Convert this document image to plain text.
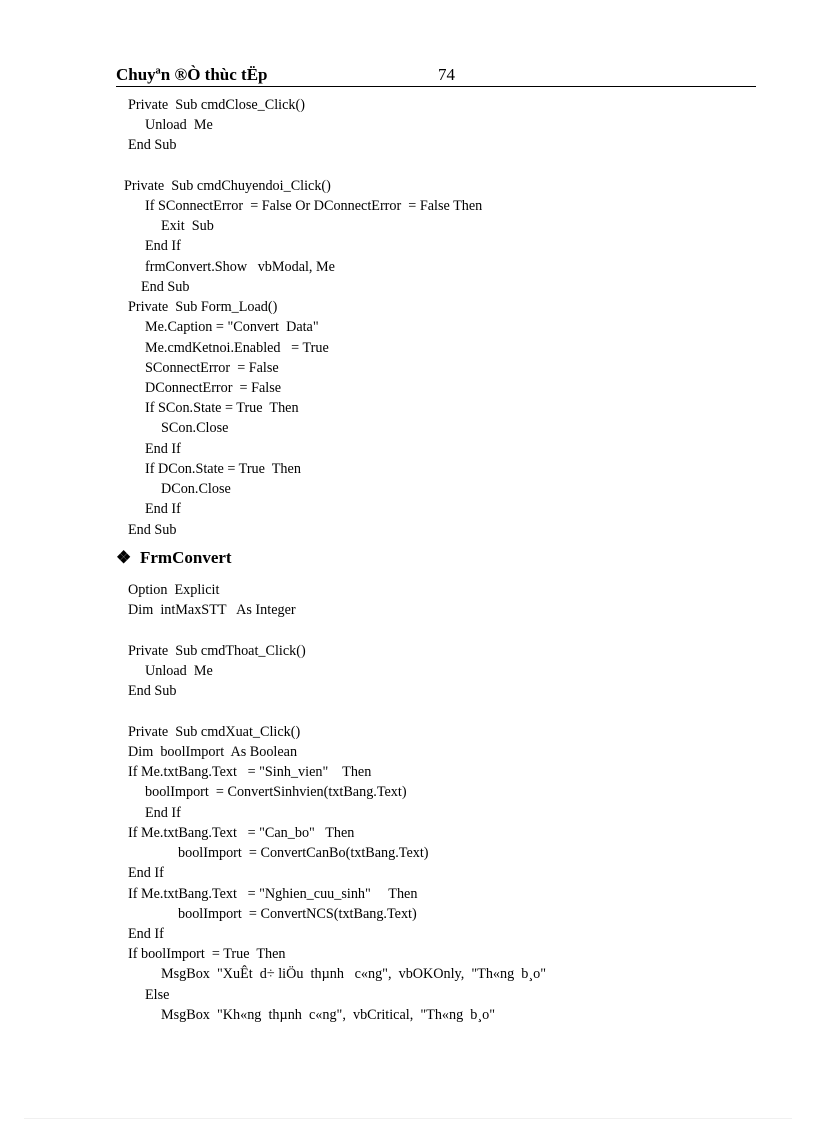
Chuyªn ®Ò thùc tËp	74
Private  Sub cmdClose_Click()
Unload  Me
End Sub
Private  Sub cmdChuyendoi_Click()
If SConnectError  = False Or DConnectError  = False Then
Exit  Sub
End If
frmConvert.Show   vbModal, Me
End Sub
Private  Sub Form_Load()
Me.Caption = "Convert  Data"
Me.cmdKetnoi.Enabled   = True
SConnectError  = False
DConnectError  = False
If SCon.State = True  Then
SCon.Close
End If
If DCon.State = True  Then
DCon.Close
End If
End Sub
❖ FrmConvert
Option  Explicit
Dim  intMaxSTT   As Integer
Private  Sub cmdThoat_Click()
Unload  Me
End Sub
Private  Sub cmdXuat_Click()
Dim  boolImport  As Boolean
If Me.txtBang.Text   = "Sinh_vien"    Then
boolImport  = ConvertSinhvien(txtBang.Text)
End If
If Me.txtBang.Text   = "Can_bo"   Then
boolImport  = ConvertCanBo(txtBang.Text)
End If
If Me.txtBang.Text   = "Nghien_cuu_sinh"     Then
boolImport  = ConvertNCS(txtBang.Text)
End If
If boolImport  = True  Then
MsgBox  "XuÊt  d÷ liÖu  thµnh   c«ng",  vbOKOnly,  "Th«ng  b¸o"
Else
MsgBox  "Kh«ng  thµnh  c«ng",  vbCritical,  "Th«ng  b¸o"
